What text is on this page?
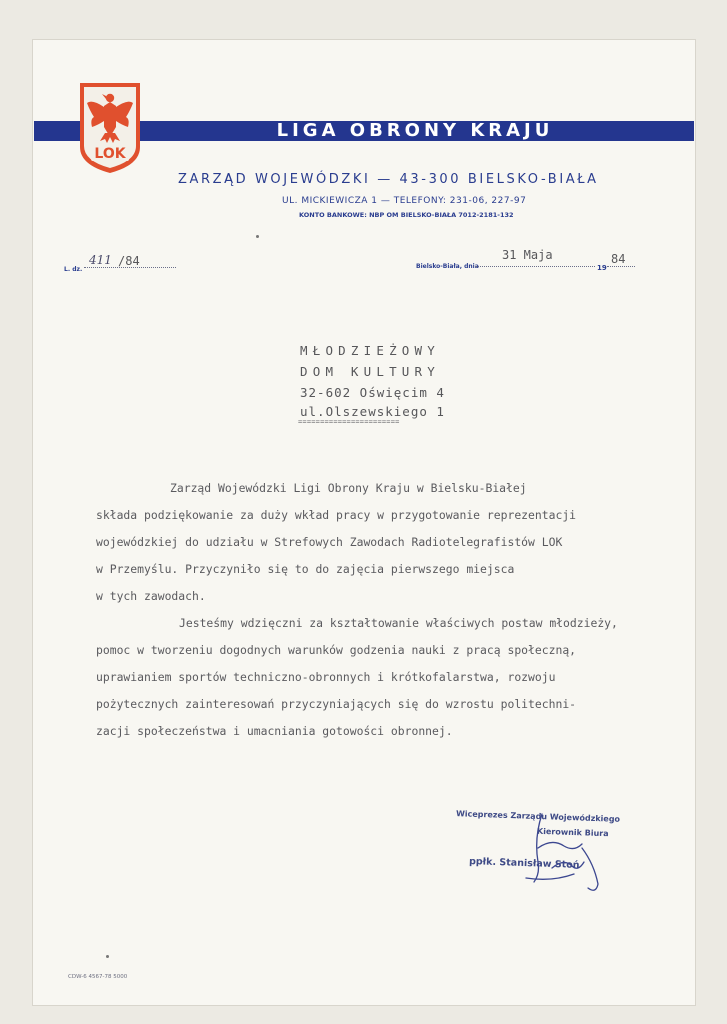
LIGA OBRONY KRAJU
LOK
ZARZĄD WOJEWÓDZKI — 43-300 BIELSKO-BIAŁA
UL. MICKIEWICZA 1 — TELEFONY: 231-06, 227-97
KONTO BANKOWE: NBP OM BIELSKO-BIAŁA 7012-2181-132
L. dz.
411 /84	Bielsko-Biała, dnia
31 Maja
19
84
MŁODZIEŻOWY
DOM KULTURY
32-602 Oświęcim 4
ul.Olszewskiego 1
=======================
Zarząd Wojewódzki Ligi Obrony Kraju w Bielsku-Białej
składa podziękowanie za duży wkład pracy w przygotowanie reprezentacji
wojewódzkiej do udziału w Strefowych Zawodach Radiotelegrafistów LOK
w Przemyślu. Przyczyniło się to do zajęcia pierwszego miejsca
w tych zawodach.
Jesteśmy wdzięczni za kształtowanie właściwych postaw młodzieży,
pomoc w tworzeniu dogodnych warunków godzenia nauki z pracą społeczną,
uprawianiem sportów techniczno-obronnych i krótkofalarstwa, rozwoju
pożytecznych zainteresowań przyczyniających się do wzrostu politechni-
zacji społeczeństwa i umacniania gotowości obronnej.
Wiceprezes Zarządu Wojewódzkiego
Kierownik Biura
ppłk. Stanisław Stoń
CDW-6 4567-78 5000
